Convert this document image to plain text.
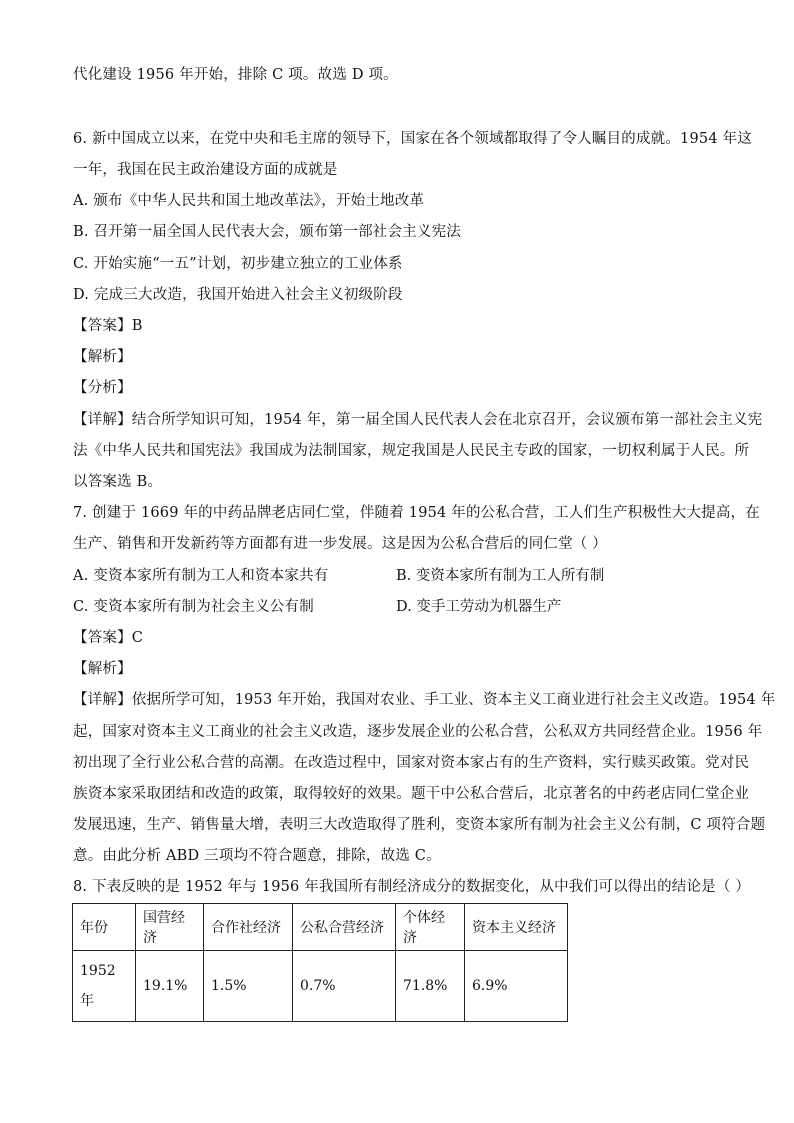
代化建设 1956 年开始，排除 C 项。故选 D 项。
6. 新中国成立以来，在党中央和毛主席的领导下，国家在各个领域都取得了令人瞩目的成就。1954 年这
一年，我国在民主政治建设方面的成就是
A. 颁布《中华人民共和国土地改革法》，开始土地改革
B. 召开第一届全国人民代表大会，颁布第一部社会主义宪法
C. 开始实施“一五”计划，初步建立独立的工业体系
D. 完成三大改造，我国开始进入社会主义初级阶段
【答案】B
【解析】
【分析】
【详解】结合所学知识可知，1954 年，第一届全国人民代表人会在北京召开，会议颁布第一部社会主义宪
法《中华人民共和国宪法》我国成为法制国家，规定我国是人民民主专政的国家，一切权利属于人民。所
以答案选 B。
7. 创建于 1669 年的中药品牌老店同仁堂，伴随着 1954 年的公私合营，工人们生产积极性大大提高，在
生产、销售和开发新药等方面都有进一步发展。这是因为公私合营后的同仁堂（ ）
A. 变资本家所有制为工人和资本家共有	B. 变资本家所有制为工人所有制
C. 变资本家所有制为社会主义公有制	D. 变手工劳动为机器生产
【答案】C
【解析】
【详解】依据所学可知，1953 年开始，我国对农业、手工业、资本主义工商业进行社会主义改造。1954 年
起，国家对资本主义工商业的社会主义改造，逐步发展企业的公私合营，公私双方共同经营企业。1956 年
初出现了全行业公私合营的高潮。在改造过程中，国家对资本家占有的生产资料，实行赎买政策。党对民
族资本家采取团结和改造的政策，取得较好的效果。题干中公私合营后，北京著名的中药老店同仁堂企业
发展迅速，生产、销售量大增，表明三大改造取得了胜利，变资本家所有制为社会主义公有制，C 项符合题
意。由此分析 ABD 三项均不符合题意，排除，故选 C。
8. 下表反映的是 1952 年与 1956 年我国所有制经济成分的数据变化，从中我们可以得出的结论是（ ）
年份	国营经济	合作社经济	公私合营经济	个体经济	资本主义经济

1952
年	19.1%	1.5%	0.7%	71.8%	6.9%
